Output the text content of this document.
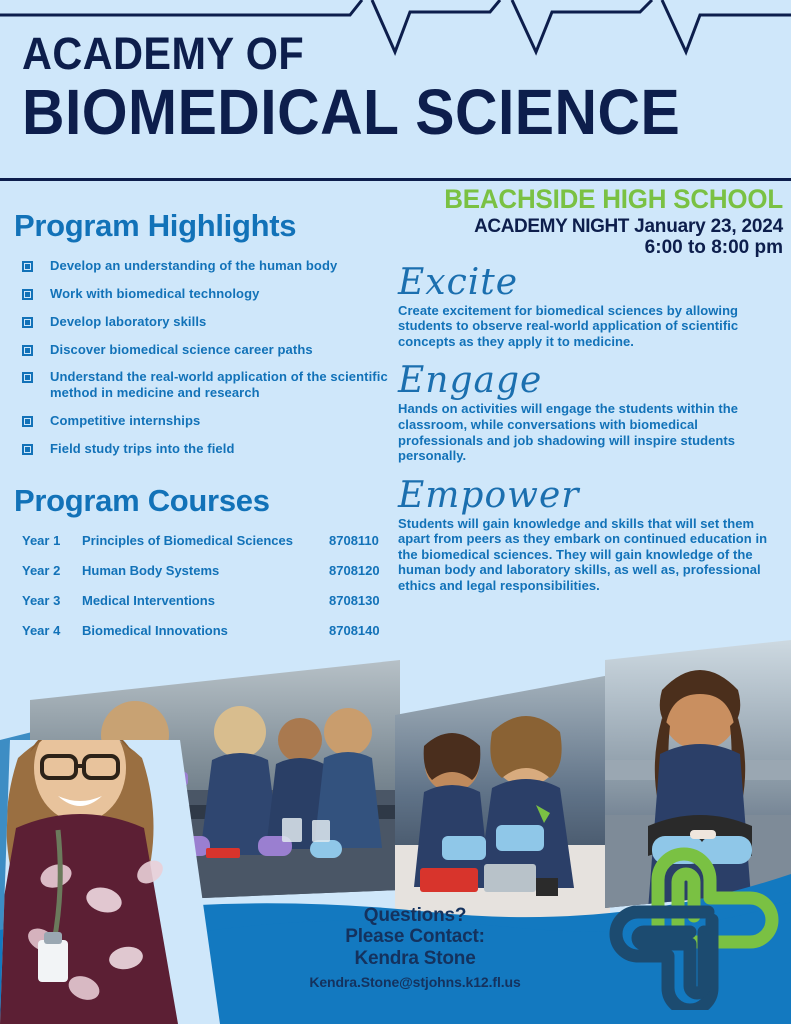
ACADEMY OF
BIOMEDICAL SCIENCE
Program Highlights
Develop an understanding of the human body
Work with biomedical technology
Develop laboratory skills
Discover biomedical science career paths
Understand the real-world application of the scientific method in medicine and research
Competitive internships
Field study trips into the field
Program Courses
Year 1	Principles of Biomedical Sciences	8708110
Year 2	Human Body Systems	8708120
Year 3	Medical Interventions	8708130
Year 4	Biomedical Innovations	8708140
BEACHSIDE HIGH SCHOOL
ACADEMY NIGHT January 23, 2024
6:00 to 8:00 pm
Excite

Create excitement for biomedical sciences by allowing students to observe real-world application of scientific concepts as they apply it to medicine.

Engage

Hands on activities will engage the students within the classroom, while conversations with biomedical professionals and job shadowing will inspire students personally.

Empower

Students will gain knowledge and skills that will set them apart from peers as they embark on continued education in the biomedical sciences. They will gain knowledge of the human body and laboratory skills, as well as, professional ethics and legal responsibilities.

Questions?
Please Contact:
Kendra Stone
Kendra.Stone@stjohns.k12.fl.us
